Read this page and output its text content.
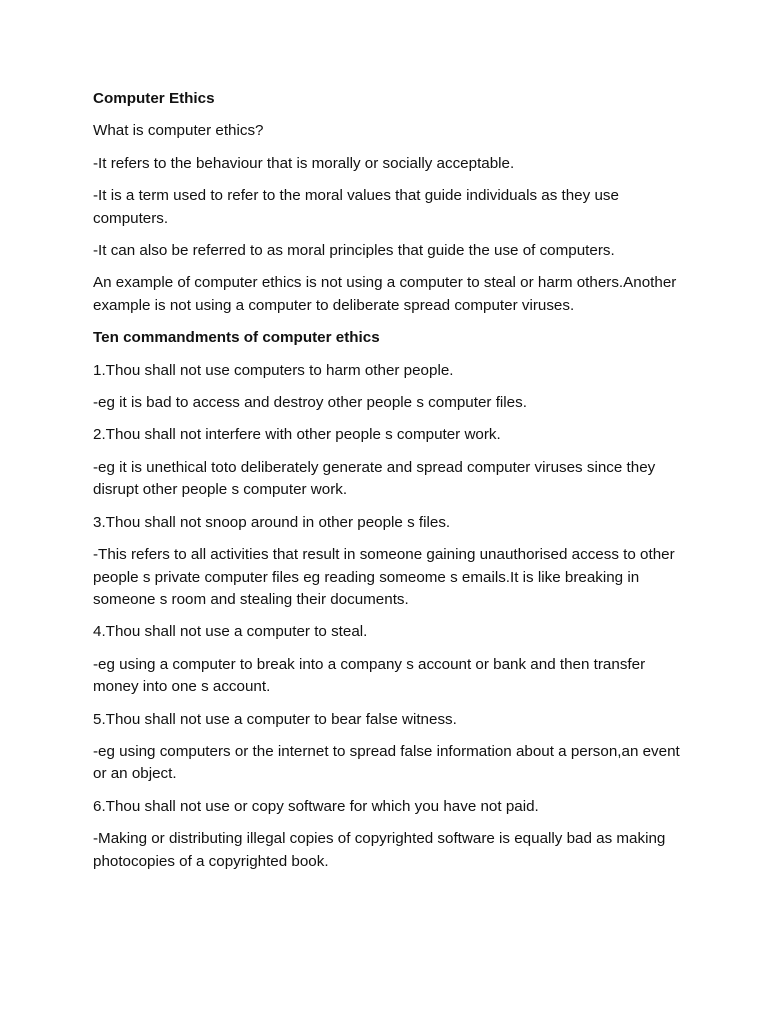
Computer Ethics

What is computer ethics?

-It refers to the behaviour that is morally or socially acceptable.

-It is a term used to refer to the moral values that guide individuals as they use computers.

-It can also be referred to as moral principles that guide the use of computers.

An example of computer ethics is not using a computer to steal or harm others.Another example is not using a computer to deliberate spread computer viruses.

Ten commandments of computer ethics

1.Thou shall not use computers to harm other people.

-eg it is bad to access and destroy other people s computer files.

2.Thou shall not interfere with other people s computer work.

-eg it is unethical toto deliberately generate and spread computer viruses since they disrupt other people s computer work.

3.Thou shall not snoop around in other people s files.

-This refers to all activities that result in someone gaining unauthorised access to other people s private computer files eg reading someome s emails.It is like breaking in someone s room and stealing their documents.

4.Thou shall not use a computer to steal.

-eg using a computer to break into a company s account or bank and then transfer money into one s account.

5.Thou shall not use a computer to bear false witness.

-eg using computers or the internet to spread false information about a person,an event or an object.

6.Thou shall not use or copy software for which you have not paid.

-Making or distributing illegal copies of copyrighted software is equally bad as making photocopies of a copyrighted book.
